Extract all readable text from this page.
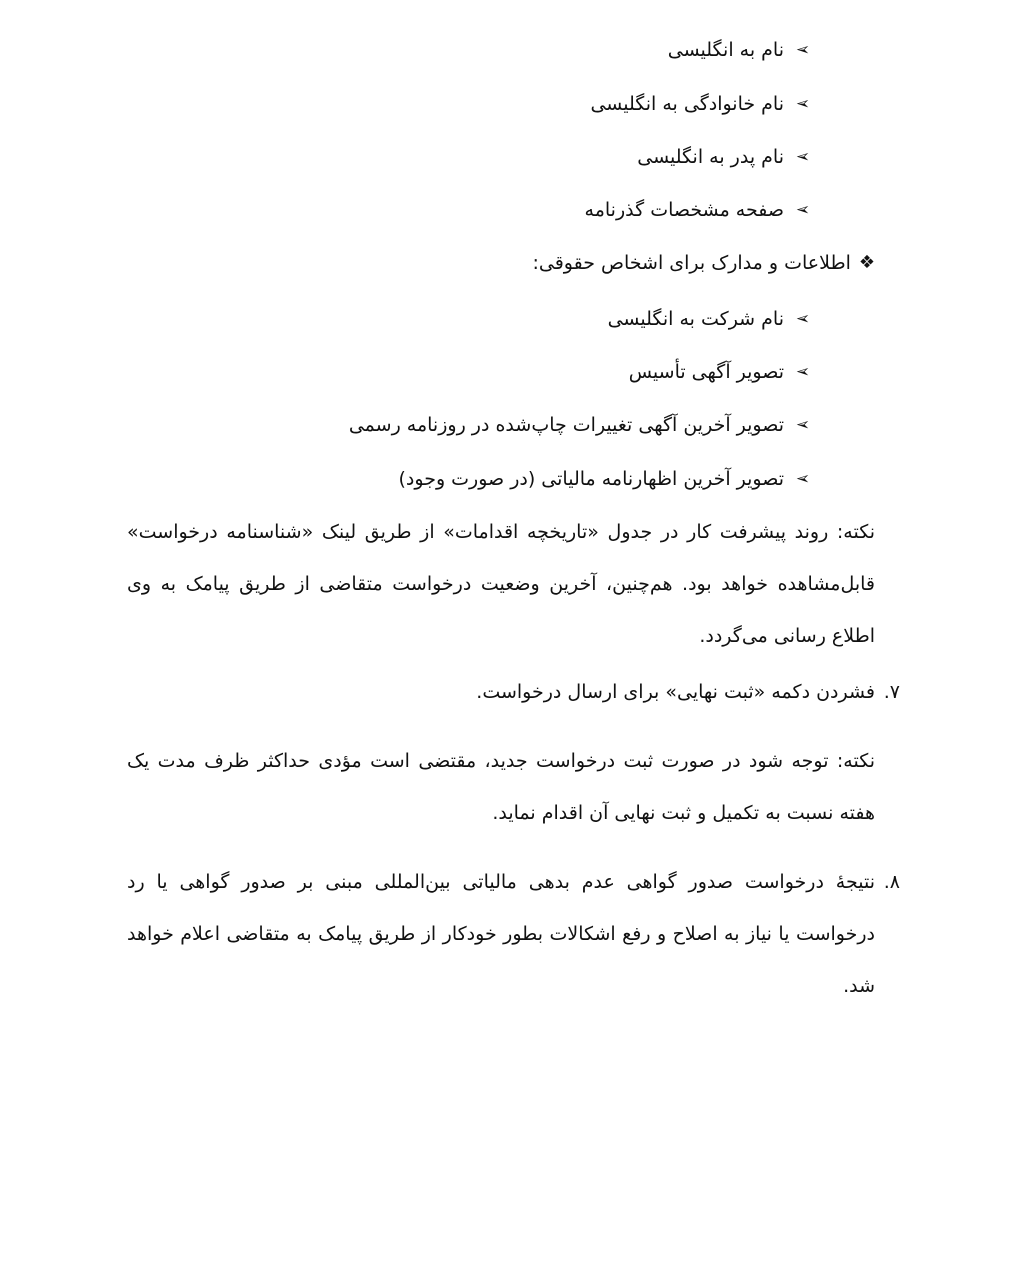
➢
نام به انگلیسی
➢
نام خانوادگی به انگلیسی
➢
نام پدر به انگلیسی
➢
صفحه مشخصات گذرنامه
❖
اطلاعات و مدارک برای اشخاص حقوقی:
➢
نام شرکت به انگلیسی
➢
تصویر آگهی تأسیس
➢
تصویر آخرین آگهی تغییرات چاپ‌شده در روزنامه رسمی
➢
تصویر آخرین اظهارنامه مالیاتی (در صورت وجود)
نکته: روند پیشرفت کار در جدول «تاریخچه اقدامات» از طریق لینک «شناسنامه درخواست» قابل‌مشاهده خواهد بود. هم‌چنین، آخرین وضعیت درخواست متقاضی از طریق پیامک به وی اطلاع رسانی می‌گردد.
۷.
فشردن دکمه «ثبت نهایی» برای ارسال درخواست.
نکته: توجه شود در صورت ثبت درخواست جدید، مقتضی است مؤدی حداکثر ظرف مدت یک هفته نسبت به تکمیل و ثبت نهایی آن اقدام نماید.
۸.
نتیجهٔ درخواست صدور گواهی عدم بدهی مالیاتی بین‌المللی مبنی بر صدور گواهی یا رد درخواست یا نیاز به اصلاح و رفع اشکالات بطور خودکار از طریق پیامک به متقاضی اعلام خواهد شد.
